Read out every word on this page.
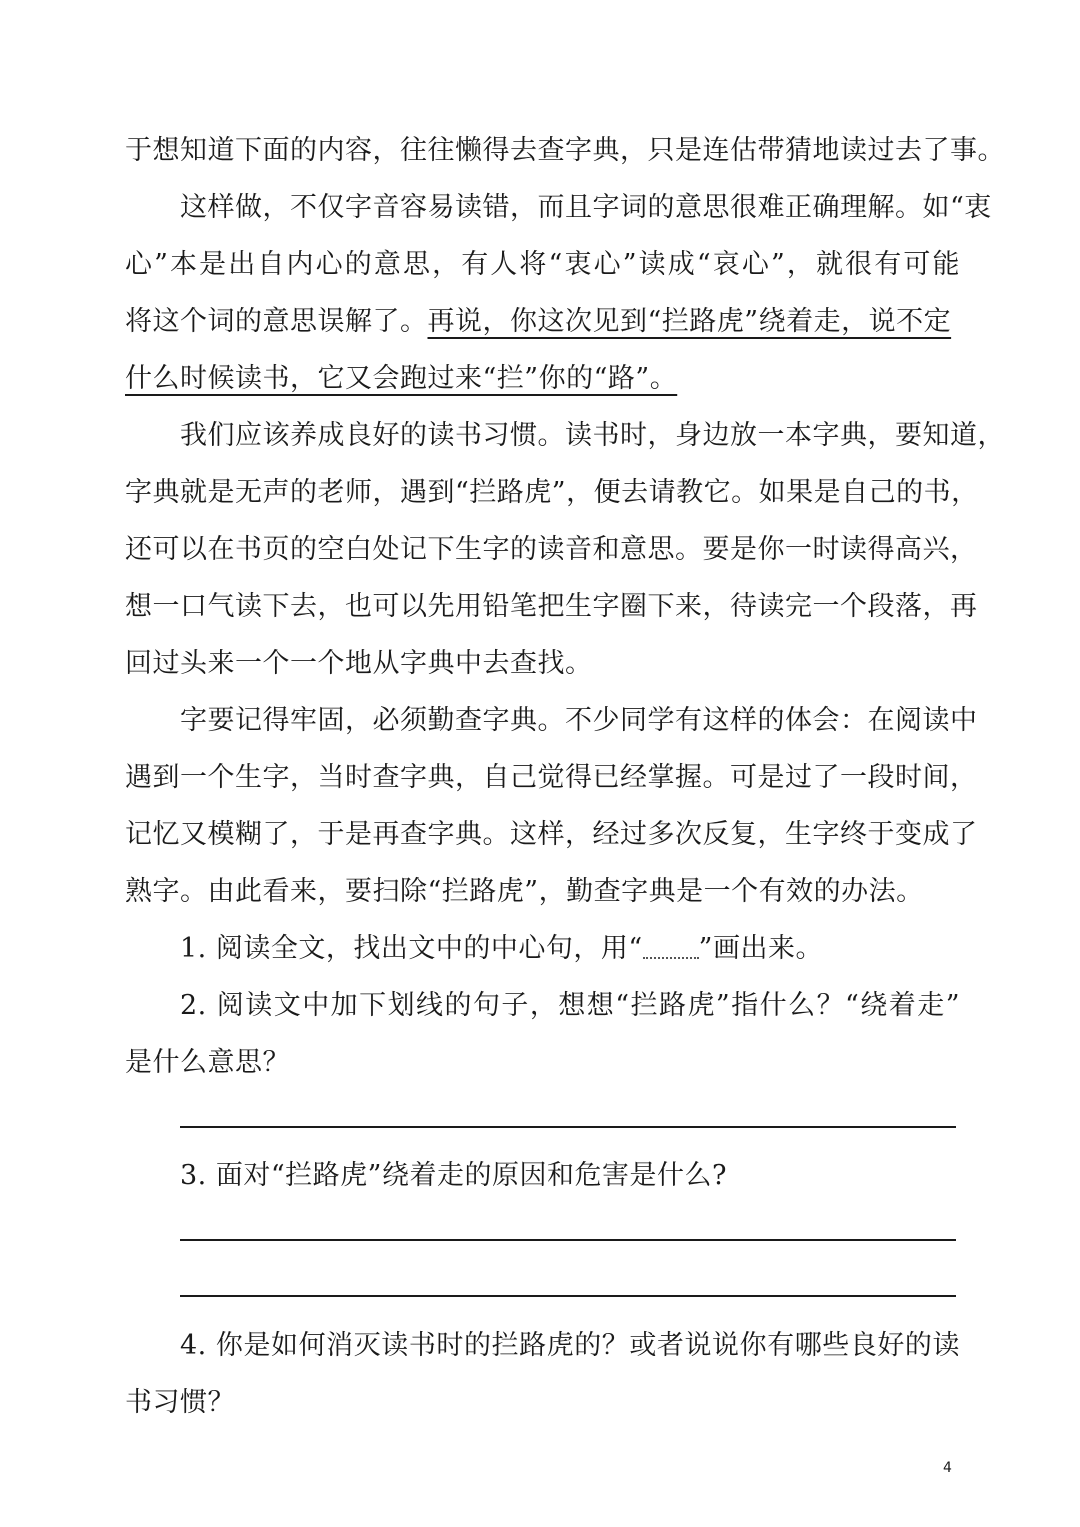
于想知道下面的内容，往往懒得去查字典，只是连估带猜地读过去了事。
这样做，不仅字音容易读错，而且字词的意思很难正确理解。如“衷
心”本是出自内心的意思，有人将“衷心”读成“哀心”，就很有可能
将这个词的意思误解了。再说，你这次见到“拦路虎”绕着走，说不定
什么时候读书，它又会跑过来“拦”你的“路”。
我们应该养成良好的读书习惯。读书时，身边放一本字典，要知道，
字典就是无声的老师，遇到“拦路虎”，便去请教它。如果是自己的书，
还可以在书页的空白处记下生字的读音和意思。要是你一时读得高兴，
想一口气读下去，也可以先用铅笔把生字圈下来，待读完一个段落，再
回过头来一个一个地从字典中去查找。
字要记得牢固，必须勤查字典。不少同学有这样的体会：在阅读中
遇到一个生字，当时查字典，自己觉得已经掌握。可是过了一段时间，
记忆又模糊了，于是再查字典。这样，经过多次反复，生字终于变成了
熟字。由此看来，要扫除“拦路虎”，勤查字典是一个有效的办法。
1. 阅读全文，找出文中的中心句，用“ ”画出来。
2. 阅读文中加下划线的句子，想想“拦路虎”指什么？“绕着走”
是什么意思？
3. 面对“拦路虎”绕着走的原因和危害是什么?
4. 你是如何消灭读书时的拦路虎的？或者说说你有哪些良好的读
书习惯？
4
